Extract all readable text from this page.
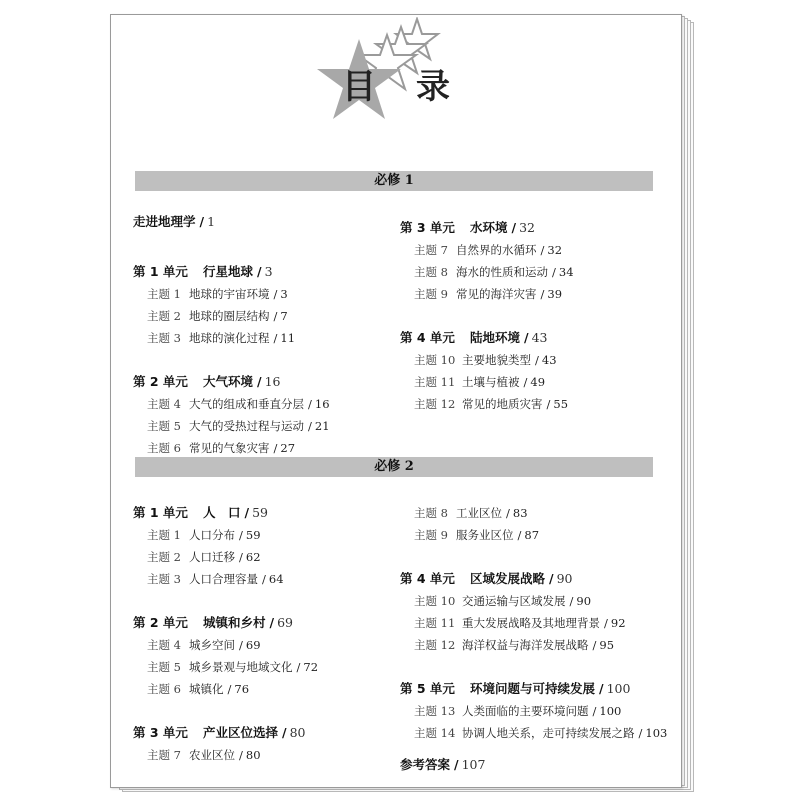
目 录
必修 1
必修 2
走进地理学 / 1
第 1 单元 行星地球 / 3
主题 1 地球的宇宙环境 / 3
主题 2 地球的圈层结构 / 7
主题 3 地球的演化过程 / 11
第 2 单元 大气环境 / 16
主题 4 大气的组成和垂直分层 / 16
主题 5 大气的受热过程与运动 / 21
主题 6 常见的气象灾害 / 27
第 3 单元 水环境 / 32
主题 7 自然界的水循环 / 32
主题 8 海水的性质和运动 / 34
主题 9 常见的海洋灾害 / 39
第 4 单元 陆地环境 / 43
主题 10 主要地貌类型 / 43
主题 11 土壤与植被 / 49
主题 12 常见的地质灾害 / 55
第 1 单元 人　口 / 59
主题 1 人口分布 / 59
主题 2 人口迁移 / 62
主题 3 人口合理容量 / 64
第 2 单元 城镇和乡村 / 69
主题 4 城乡空间 / 69
主题 5 城乡景观与地域文化 / 72
主题 6 城镇化 / 76
第 3 单元 产业区位选择 / 80
主题 7 农业区位 / 80
主题 8 工业区位 / 83
主题 9 服务业区位 / 87
第 4 单元 区域发展战略 / 90
主题 10 交通运输与区域发展 / 90
主题 11 重大发展战略及其地理背景 / 92
主题 12 海洋权益与海洋发展战略 / 95
第 5 单元 环境问题与可持续发展 / 100
主题 13 人类面临的主要环境问题 / 100
主题 14 协调人地关系，走可持续发展之路 / 103
参考答案 / 107
